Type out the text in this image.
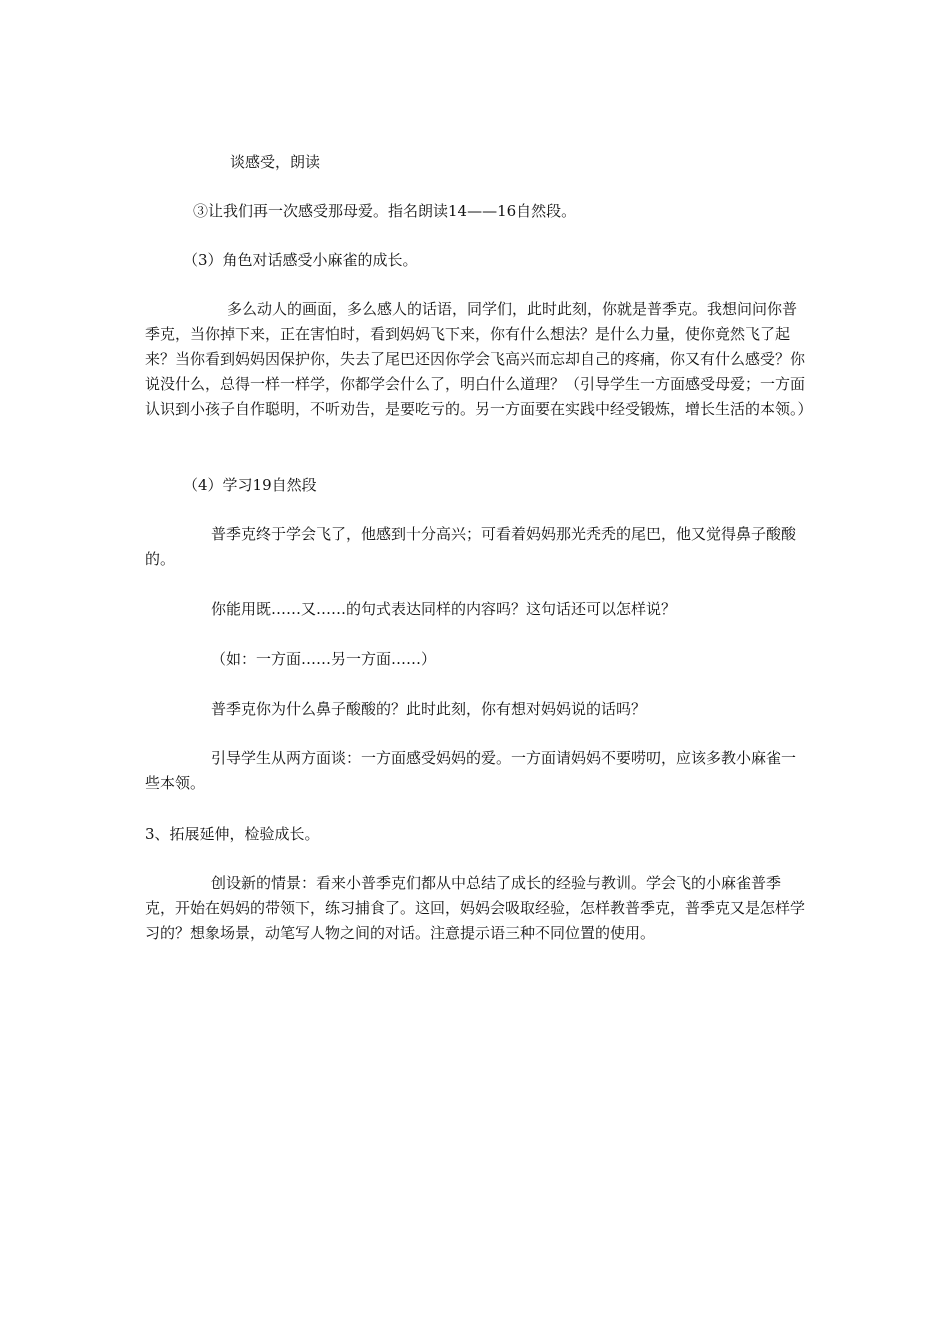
谈感受，朗读

③让我们再一次感受那母爱。指名朗读14——16自然段。

（3）角色对话感受小麻雀的成长。

多么动人的画面，多么感人的话语，同学们，此时此刻，你就是普季克。我想问问你普季克，当你掉下来，正在害怕时，看到妈妈飞下来，你有什么想法？是什么力量，使你竟然飞了起来？当你看到妈妈因保护你，失去了尾巴还因你学会飞高兴而忘却自己的疼痛，你又有什么感受？你说没什么，总得一样一样学，你都学会什么了，明白什么道理？（引导学生一方面感受母爱；一方面认识到小孩子自作聪明，不听劝告，是要吃亏的。另一方面要在实践中经受锻炼，增长生活的本领。）

（4）学习19自然段

普季克终于学会飞了，他感到十分高兴；可看着妈妈那光秃秃的尾巴，他又觉得鼻子酸酸的。

你能用既……又……的句式表达同样的内容吗？这句话还可以怎样说？

（如：一方面……另一方面……）

普季克你为什么鼻子酸酸的？此时此刻，你有想对妈妈说的话吗？

引导学生从两方面谈：一方面感受妈妈的爱。一方面请妈妈不要唠叨，应该多教小麻雀一些本领。

3、拓展延伸，检验成长。

创设新的情景：看来小普季克们都从中总结了成长的经验与教训。学会飞的小麻雀普季克，开始在妈妈的带领下，练习捕食了。这回，妈妈会吸取经验，怎样教普季克，普季克又是怎样学习的？想象场景，动笔写人物之间的对话。注意提示语三种不同位置的使用。
